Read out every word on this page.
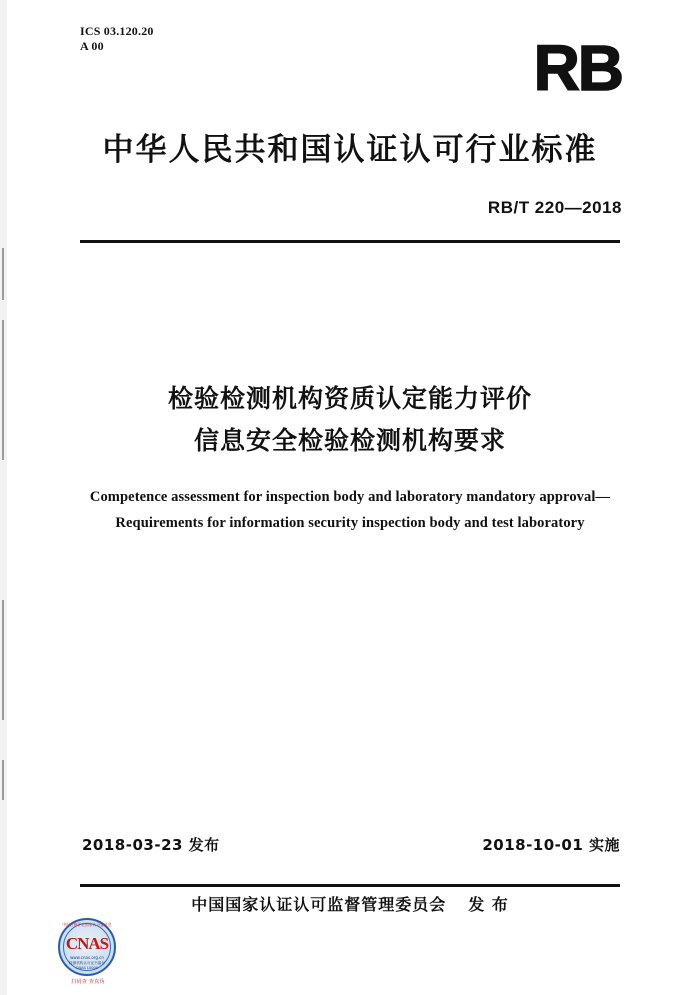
ICS 03.120.20
A 00	RB
中华人民共和国认证认可行业标准
RB/T 220—2018
检验检测机构资质认定能力评价
信息安全检验检测机构要求
Competence assessment for inspection body and laboratory mandatory approval—
Requirements for information security inspection body and test laboratory
2018-03-23 发布	2018-10-01 实施
中国国家认证认可监督管理委员会 发 布
中国合格评定国家认可委员会
CNAS
www.cnas.org.cn
检测机构认可证书编号
CNAS L0000
扫码查 查真伪
